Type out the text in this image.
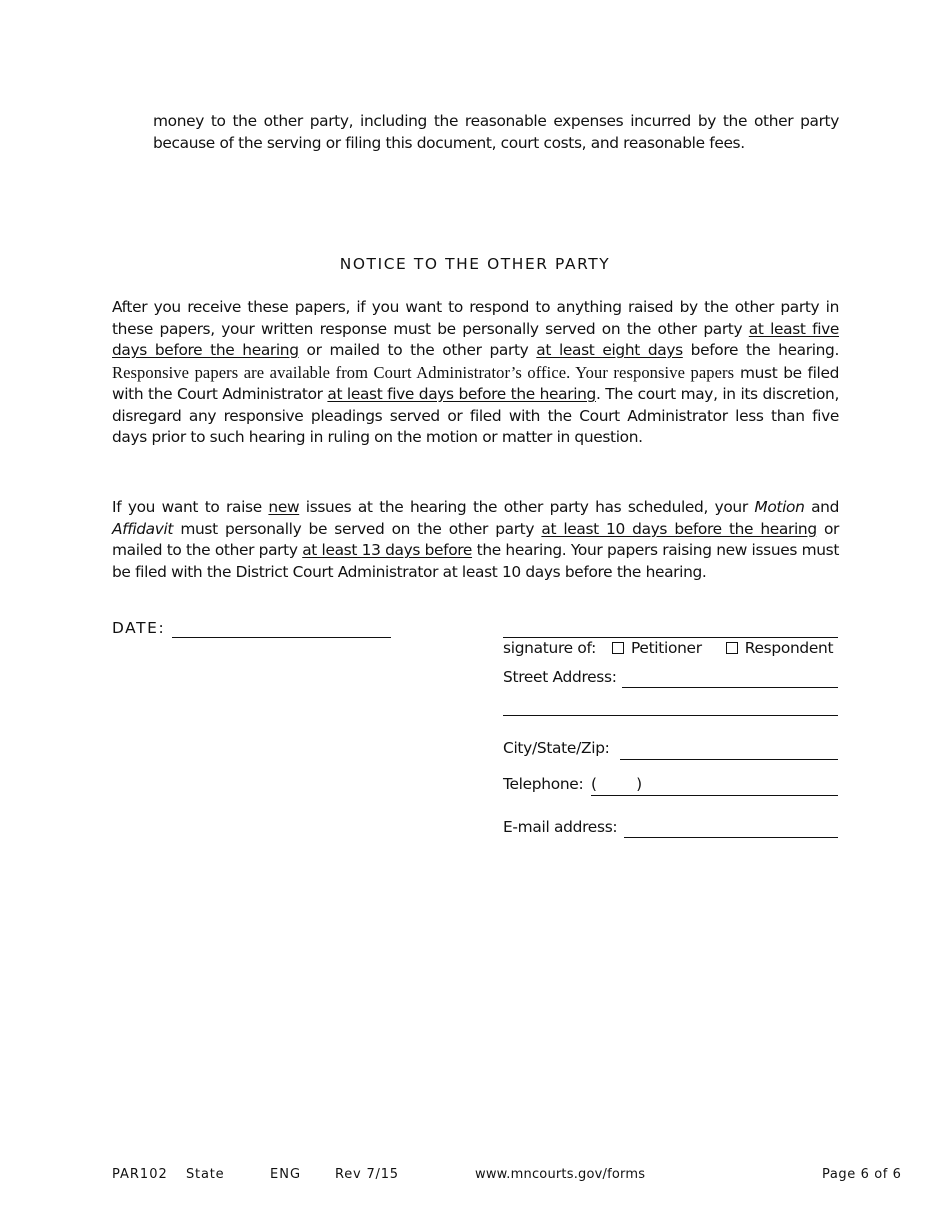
money to the other party, including the reasonable expenses incurred by the other party because of the serving or filing this document, court costs, and reasonable fees.

NOTICE TO THE OTHER PARTY

After you receive these papers, if you want to respond to anything raised by the other party in these papers, your written response must be personally served on the other party at least five days before the hearing or mailed to the other party at least eight days before the hearing. Responsive papers are available from Court Administrator’s office. Your responsive papers must be filed with the Court Administrator at least five days before the hearing. The court may, in its discretion, disregard any responsive pleadings served or filed with the Court Administrator less than five days prior to such hearing in ruling on the motion or matter in question.

If you want to raise new issues at the hearing the other party has scheduled, your Motion and Affidavit must personally be served on the other party at least 10 days before the hearing or mailed to the other party at least 13 days before the hearing. Your papers raising new issues must be filed with the District Court Administrator at least 10 days before the hearing.

DATE:
signature of: Petitioner	Respondent
Street Address:
City/State/Zip:
Telephone: (        )
E-mail address:
PAR102 State	ENG	Rev 7/15	www.mncourts.gov/forms	Page 6 of 6
